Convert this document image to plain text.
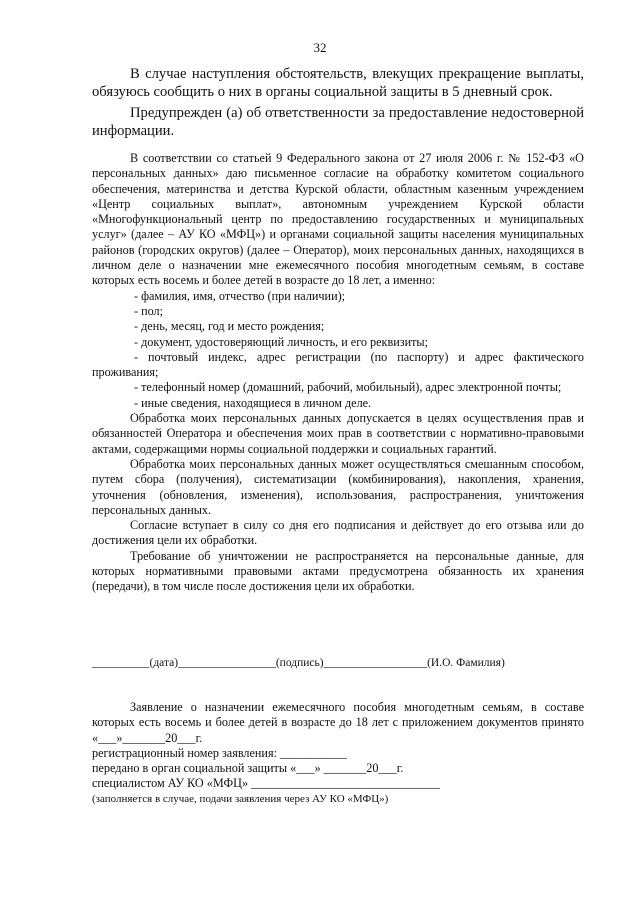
32

В случае наступления обстоятельств, влекущих прекращение выплаты, обязуюсь сообщить о них в органы социальной защиты в 5 дневный срок.

Предупрежден (а) об ответственности за предоставление недостоверной информации.

В соответствии со статьей 9 Федерального закона от 27 июля 2006 г. № 152-ФЗ «О персональных данных» даю письменное согласие на обработку комитетом социального обеспечения, материнства и детства Курской области, областным казенным учреждением «Центр социальных выплат», автономным учреждением Курской области «Многофункциональный центр по предоставлению государственных и муниципальных услуг» (далее – АУ КО «МФЦ») и органами социальной защиты населения муниципальных районов (городских округов) (далее – Оператор), моих персональных данных, находящихся в личном деле о назначении мне ежемесячного пособия многодетным семьям, в составе которых есть восемь и более детей в возрасте до 18 лет, а именно:

- фамилия, имя, отчество (при наличии);

- пол;

- день, месяц, год и место рождения;

- документ, удостоверяющий личность, и его реквизиты;

- почтовый индекс, адрес регистрации (по паспорту) и адрес фактического проживания;

- телефонный номер (домашний, рабочий, мобильный), адрес электронной почты;

- иные сведения, находящиеся в личном деле.

Обработка моих персональных данных допускается в целях осуществления прав и обязанностей Оператора и обеспечения моих прав в соответствии с нормативно-правовыми актами, содержащими нормы социальной поддержки и социальных гарантий.

Обработка моих персональных данных может осуществляться смешанным способом, путем сбора (получения), систематизации (комбинирования), накопления, хранения, уточнения (обновления, изменения), использования, распространения, уничтожения персональных данных.

Согласие вступает в силу со дня его подписания и действует до его отзыва или до достижения цели их обработки.

Требование об уничтожении не распространяется на персональные данные, для которых нормативными правовыми актами предусмотрена обязанность их хранения (передачи), в том числе после достижения цели их обработки.

__________(дата)_________________(подпись)__________________(И.О. Фамилия)

Заявление о назначении ежемесячного пособия многодетным семьям, в составе которых есть восемь и более детей в возрасте до 18 лет с приложением документов принято «___»_______20___г.

регистрационный номер заявления: ___________

передано в орган социальной защиты «___» _______20___г.

специалистом АУ КО «МФЦ» _______________________________

(заполняется в случае, подачи заявления через АУ КО «МФЦ»)
